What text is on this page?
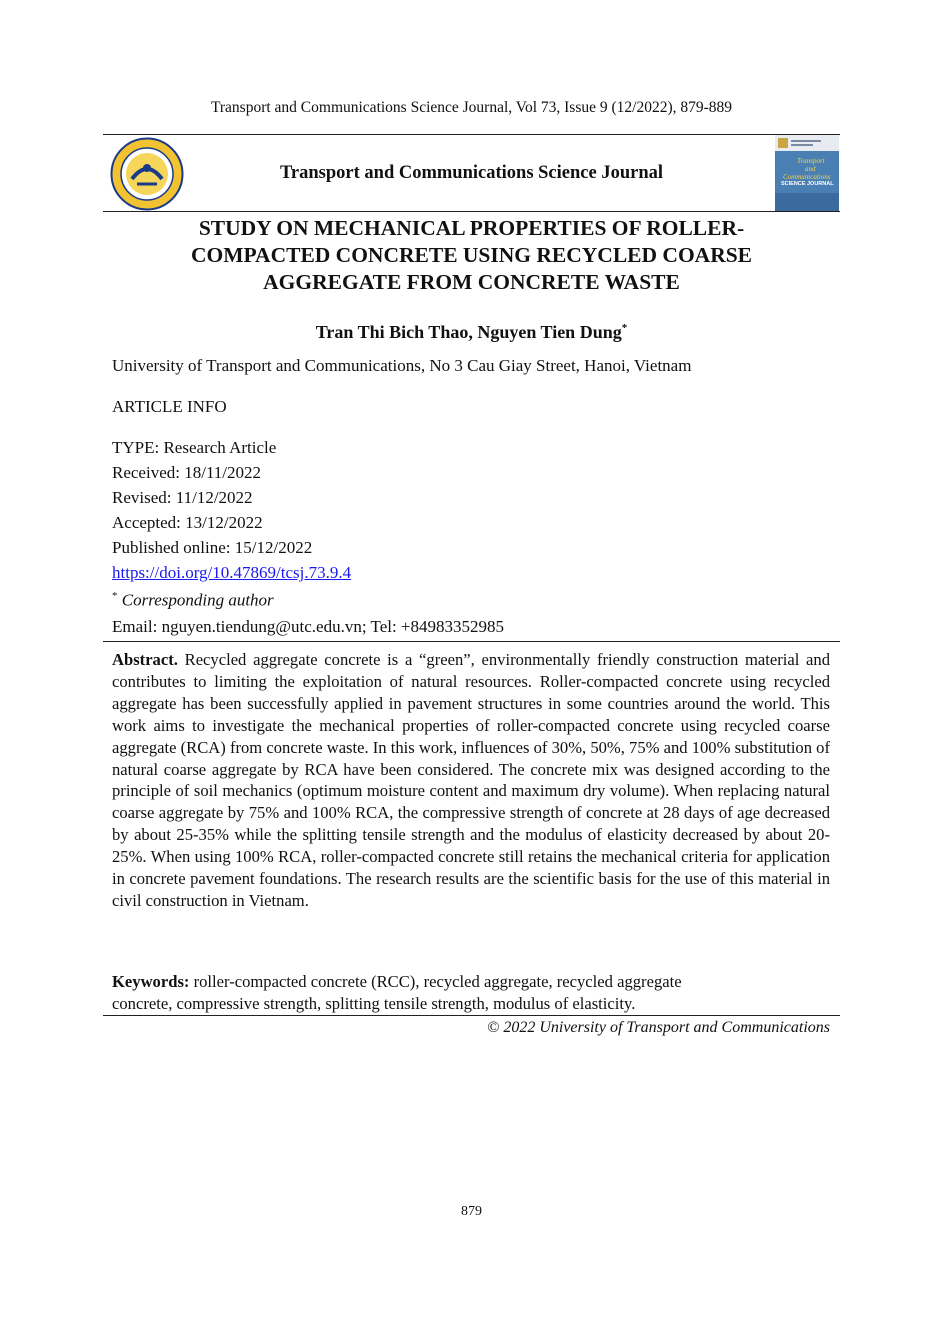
Transport and Communications Science Journal, Vol 73, Issue 9 (12/2022), 879-889
Transport and Communications Science Journal
Transport
and
Communications
SCIENCE JOURNAL
STUDY ON MECHANICAL PROPERTIES OF ROLLER-
COMPACTED CONCRETE USING RECYCLED COARSE
AGGREGATE FROM CONCRETE WASTE
Tran Thi Bich Thao, Nguyen Tien Dung*
University of Transport and Communications, No 3 Cau Giay Street, Hanoi, Vietnam
ARTICLE INFO
TYPE: Research Article
Received: 18/11/2022
Revised: 11/12/2022
Accepted: 13/12/2022
Published online: 15/12/2022
https://doi.org/10.47869/tcsj.73.9.4
* Corresponding author
Email: nguyen.tiendung@utc.edu.vn; Tel: +84983352985
Abstract. Recycled aggregate concrete is a “green”, environmentally friendly construction material and contributes to limiting the exploitation of natural resources. Roller-compacted concrete using recycled aggregate has been successfully applied in pavement structures in some countries around the world. This work aims to investigate the mechanical properties of roller-compacted concrete using recycled coarse aggregate (RCA) from concrete waste. In this work, influences of 30%, 50%, 75% and 100% substitution of natural coarse aggregate by RCA have been considered. The concrete mix was designed according to the principle of soil mechanics (optimum moisture content and maximum dry volume). When replacing natural coarse aggregate by 75% and 100% RCA, the compressive strength of concrete at 28 days of age decreased by about 25-35% while the splitting tensile strength and the modulus of elasticity decreased by about 20-25%. When using 100% RCA, roller-compacted concrete still retains the mechanical criteria for application in concrete pavement foundations. The research results are the scientific basis for the use of this material in civil construction in Vietnam.
Keywords: roller-compacted concrete (RCC), recycled aggregate, recycled aggregate
concrete, compressive strength, splitting tensile strength, modulus of elasticity.
© 2022 University of Transport and Communications
879
